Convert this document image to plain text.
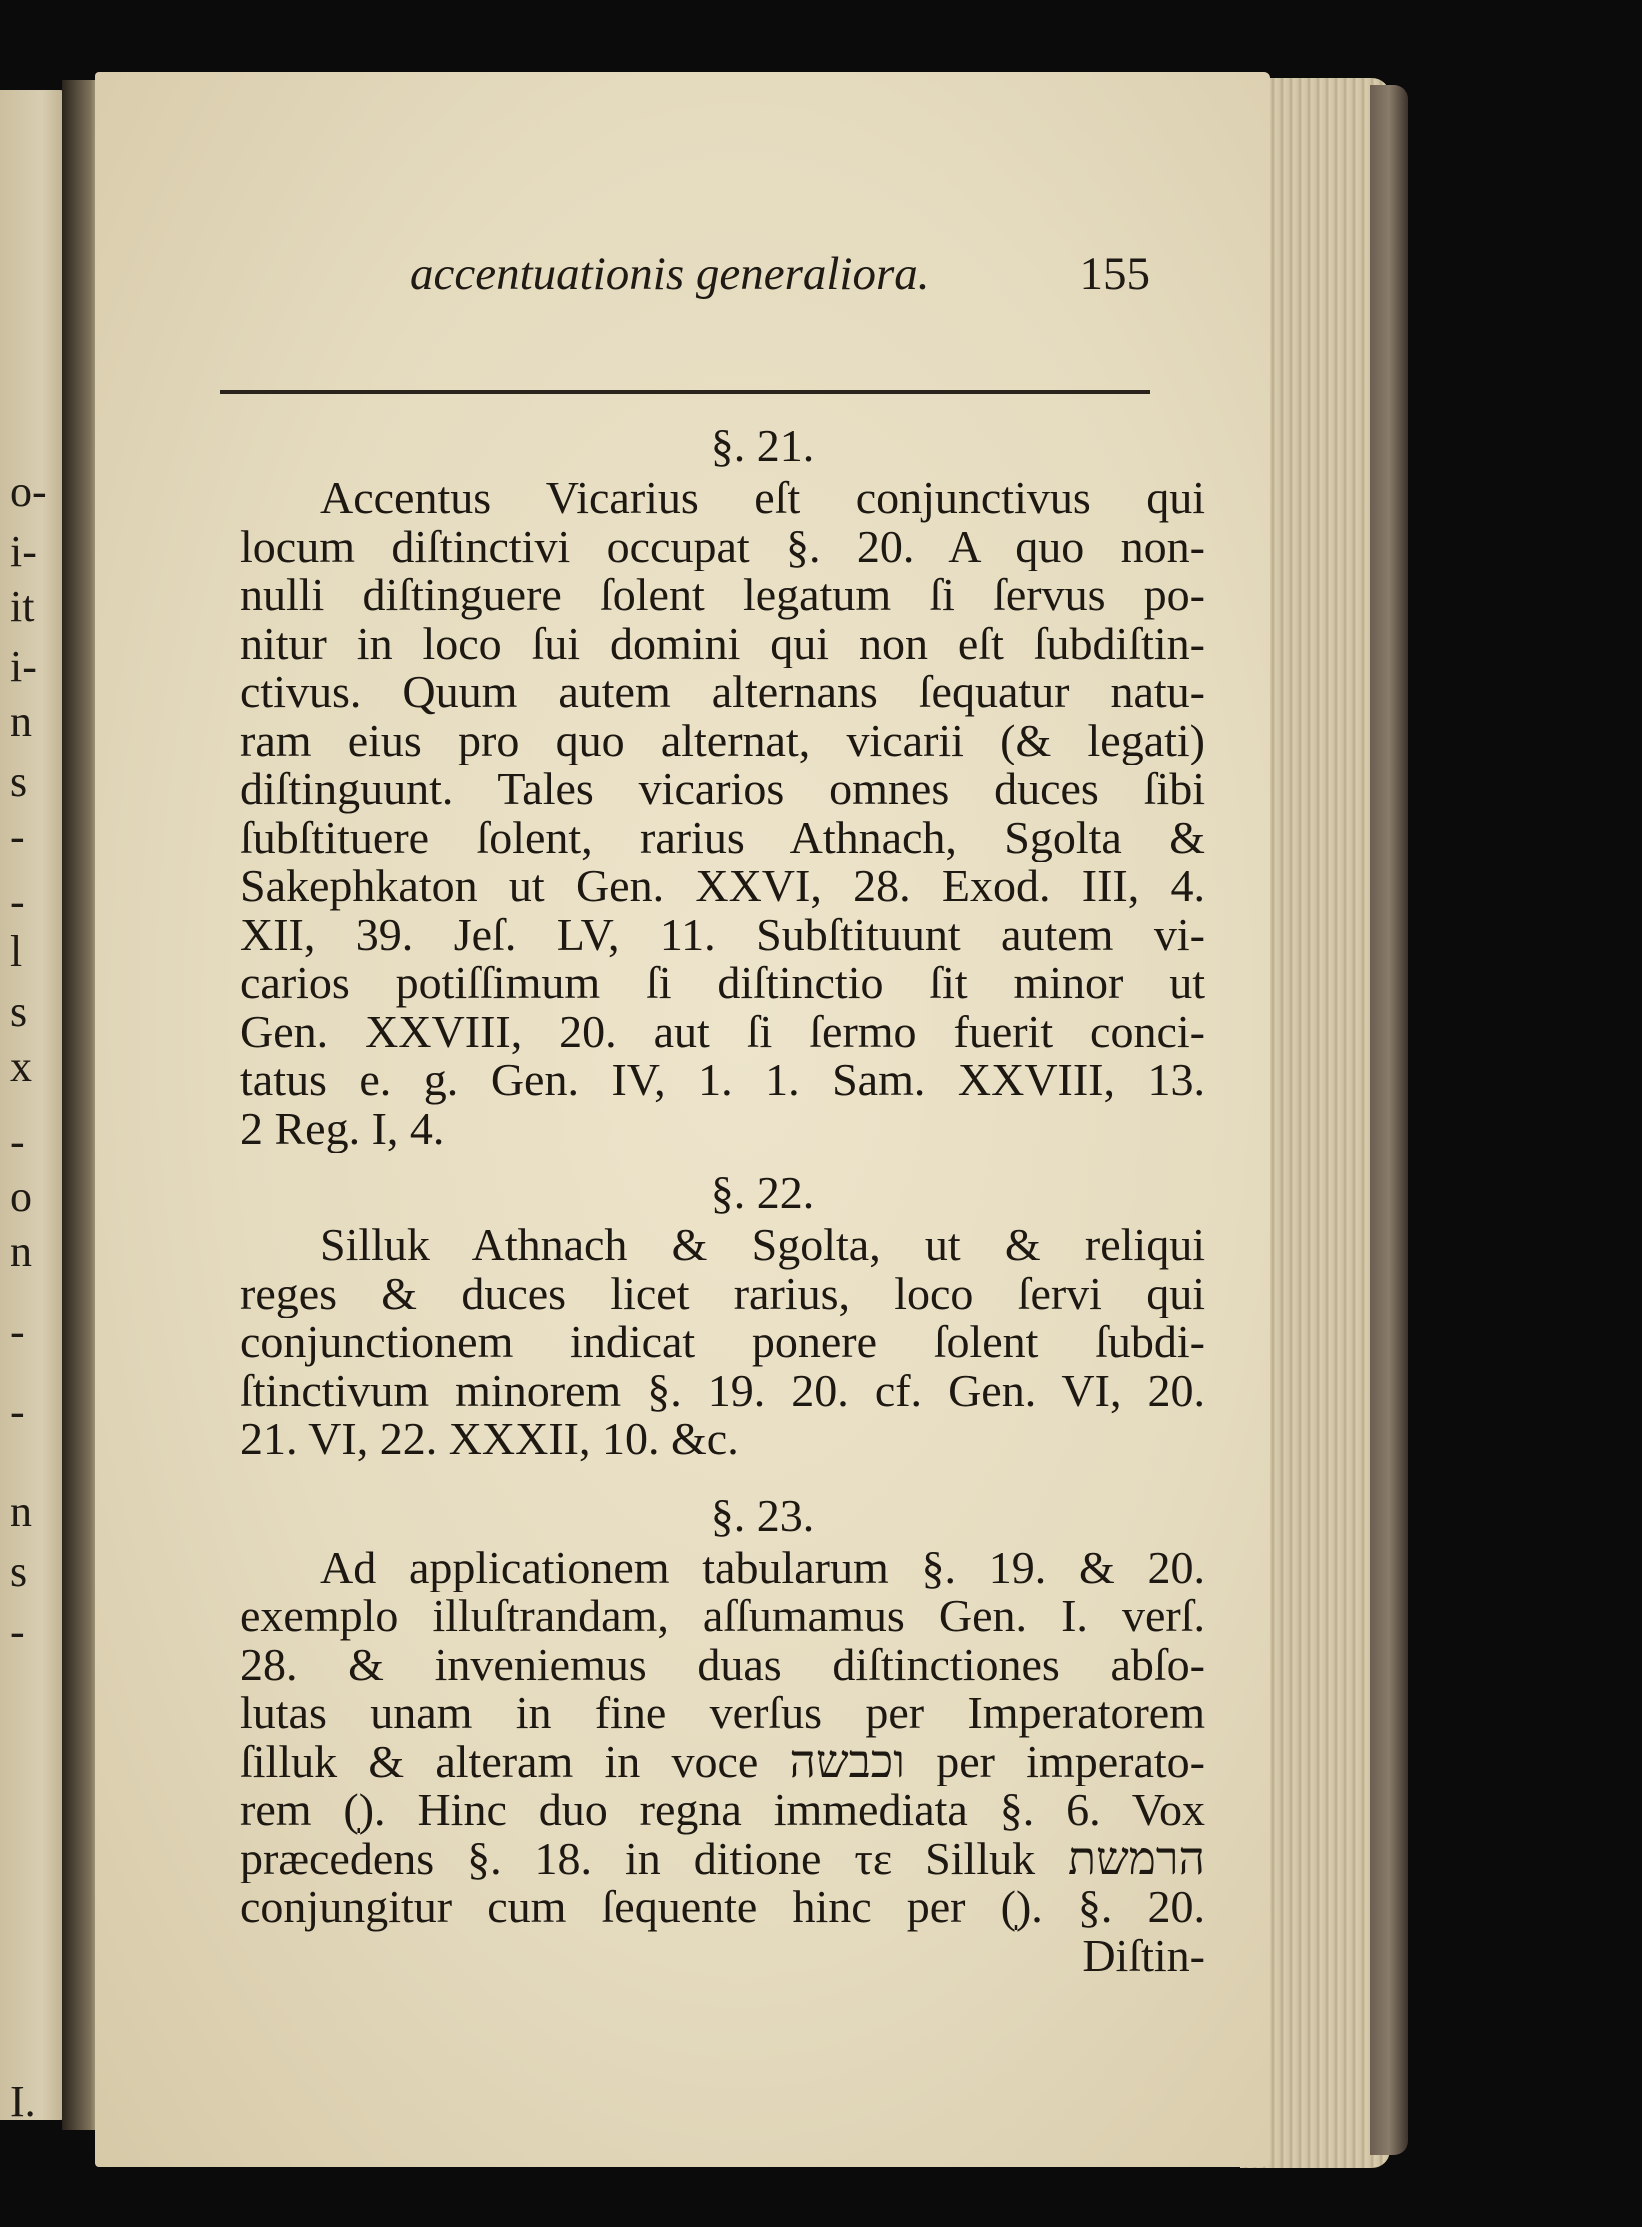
o-
i-
it
i-
n
s
-
-
l
s
x
-
o
n
-
-
n
s
-
I.
accentuationis generaliora.	155
§. 21.
Accentus Vicarius eſt conjunctivus qui
locum diſtinctivi occupat §. 20. A quo non-
nulli diſtinguere ſolent legatum ſi ſervus po-
nitur in loco ſui domini qui non eſt ſubdiſtin-
ctivus. Quum autem alternans ſequatur natu-
ram eius pro quo alternat, vicarii (& legati)
diſtinguunt. Tales vicarios omnes duces ſibi
ſubſtituere ſolent, rarius Athnach, Sgolta &
Sakephkaton ut Gen. XXVI, 28. Exod. III, 4.
XII, 39. Jeſ. LV, 11. Subſtituunt autem vi-
carios potiſſimum ſi diſtinctio ſit minor ut
Gen. XXVIII, 20. aut ſi ſermo fuerit conci-
tatus e. g. Gen. IV, 1. 1. Sam. XXVIII, 13.
2 Reg. I, 4.
§. 22.
Silluk Athnach & Sgolta, ut & reliqui
reges & duces licet rarius, loco ſervi qui
conjunctionem indicat ponere ſolent ſubdi-
ſtinctivum minorem §. 19. 20. cf. Gen. VI, 20.
21. VI, 22. XXXII, 10. &c.
§. 23.
Ad applicationem tabularum §. 19. & 20.
exemplo illuſtrandam, aſſumamus Gen. I. verſ.
28. & inveniemus duas diſtinctiones abſo-
lutas unam in fine verſus per Imperatorem
ſilluk & alteram in voce וכבשה per imperato-
rem (ֽ). Hinc duo regna immediata §. 6. Vox
præcedens §. 18. in ditione τε Silluk הרמשת
conjungitur cum ſequente hinc per (ֽ). §. 20.
Diſtin-
